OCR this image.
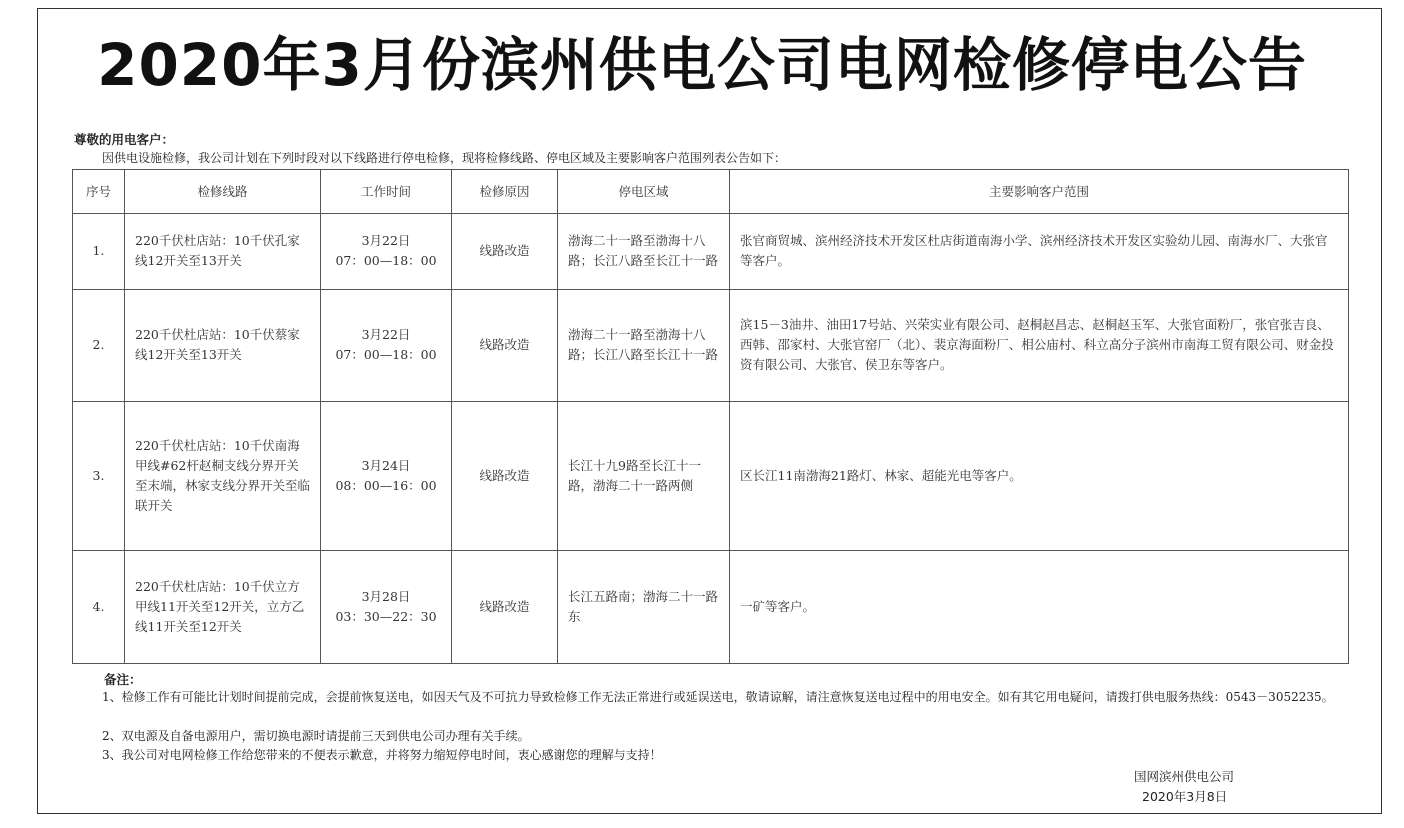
2020年3月份滨州供电公司电网检修停电公告
尊敬的用电客户：
因供电设施检修，我公司计划在下列时段对以下线路进行停电检修，现将检修线路、停电区域及主要影响客户范围列表公告如下：
序号	检修线路	工作时间	检修原因	停电区域	主要影响客户范围
1.	220千伏杜店站：10千伏孔家线12开关至13开关	3月22日
07：00—18：00	线路改造	渤海二十一路至渤海十八路；长江八路至长江十一路	张官商贸城、滨州经济技术开发区杜店街道南海小学、滨州经济技术开发区实验幼儿园、南海水厂、大张官等客户。
2.	220千伏杜店站：10千伏蔡家线12开关至13开关	3月22日
07：00—18：00	线路改造	渤海二十一路至渤海十八路；长江八路至长江十一路	滨15－3油井、油田17号站、兴荣实业有限公司、赵桐赵昌志、赵桐赵玉军、大张官面粉厂，张官张吉良、西韩、邵家村、大张官窑厂（北）、裴京海面粉厂、相公庙村、科立高分子滨州市南海工贸有限公司、财金投资有限公司、大张官、侯卫东等客户。
3.	220千伏杜店站：10千伏南海甲线#62杆赵桐支线分界开关至末端，林家支线分界开关至临联开关	3月24日
08：00—16：00	线路改造	长江十九9路至长江十一路，渤海二十一路两侧	区长江11南渤海21路灯、林家、超能光电等客户。
4.	220千伏杜店站：10千伏立方甲线11开关至12开关，立方乙线11开关至12开关	3月28日
03：30—22：30	线路改造	长江五路南；渤海二十一路东	一矿等客户。
备注：
1、检修工作有可能比计划时间提前完成，会提前恢复送电，如因天气及不可抗力导致检修工作无法正常进行或延误送电，敬请谅解，请注意恢复送电过程中的用电安全。如有其它用电疑问，请拨打供电服务热线：0543－3052235。
2、双电源及自备电源用户，需切换电源时请提前三天到供电公司办理有关手续。
3、我公司对电网检修工作给您带来的不便表示歉意，并将努力缩短停电时间，衷心感谢您的理解与支持！
国网滨州供电公司
2020年3月8日
